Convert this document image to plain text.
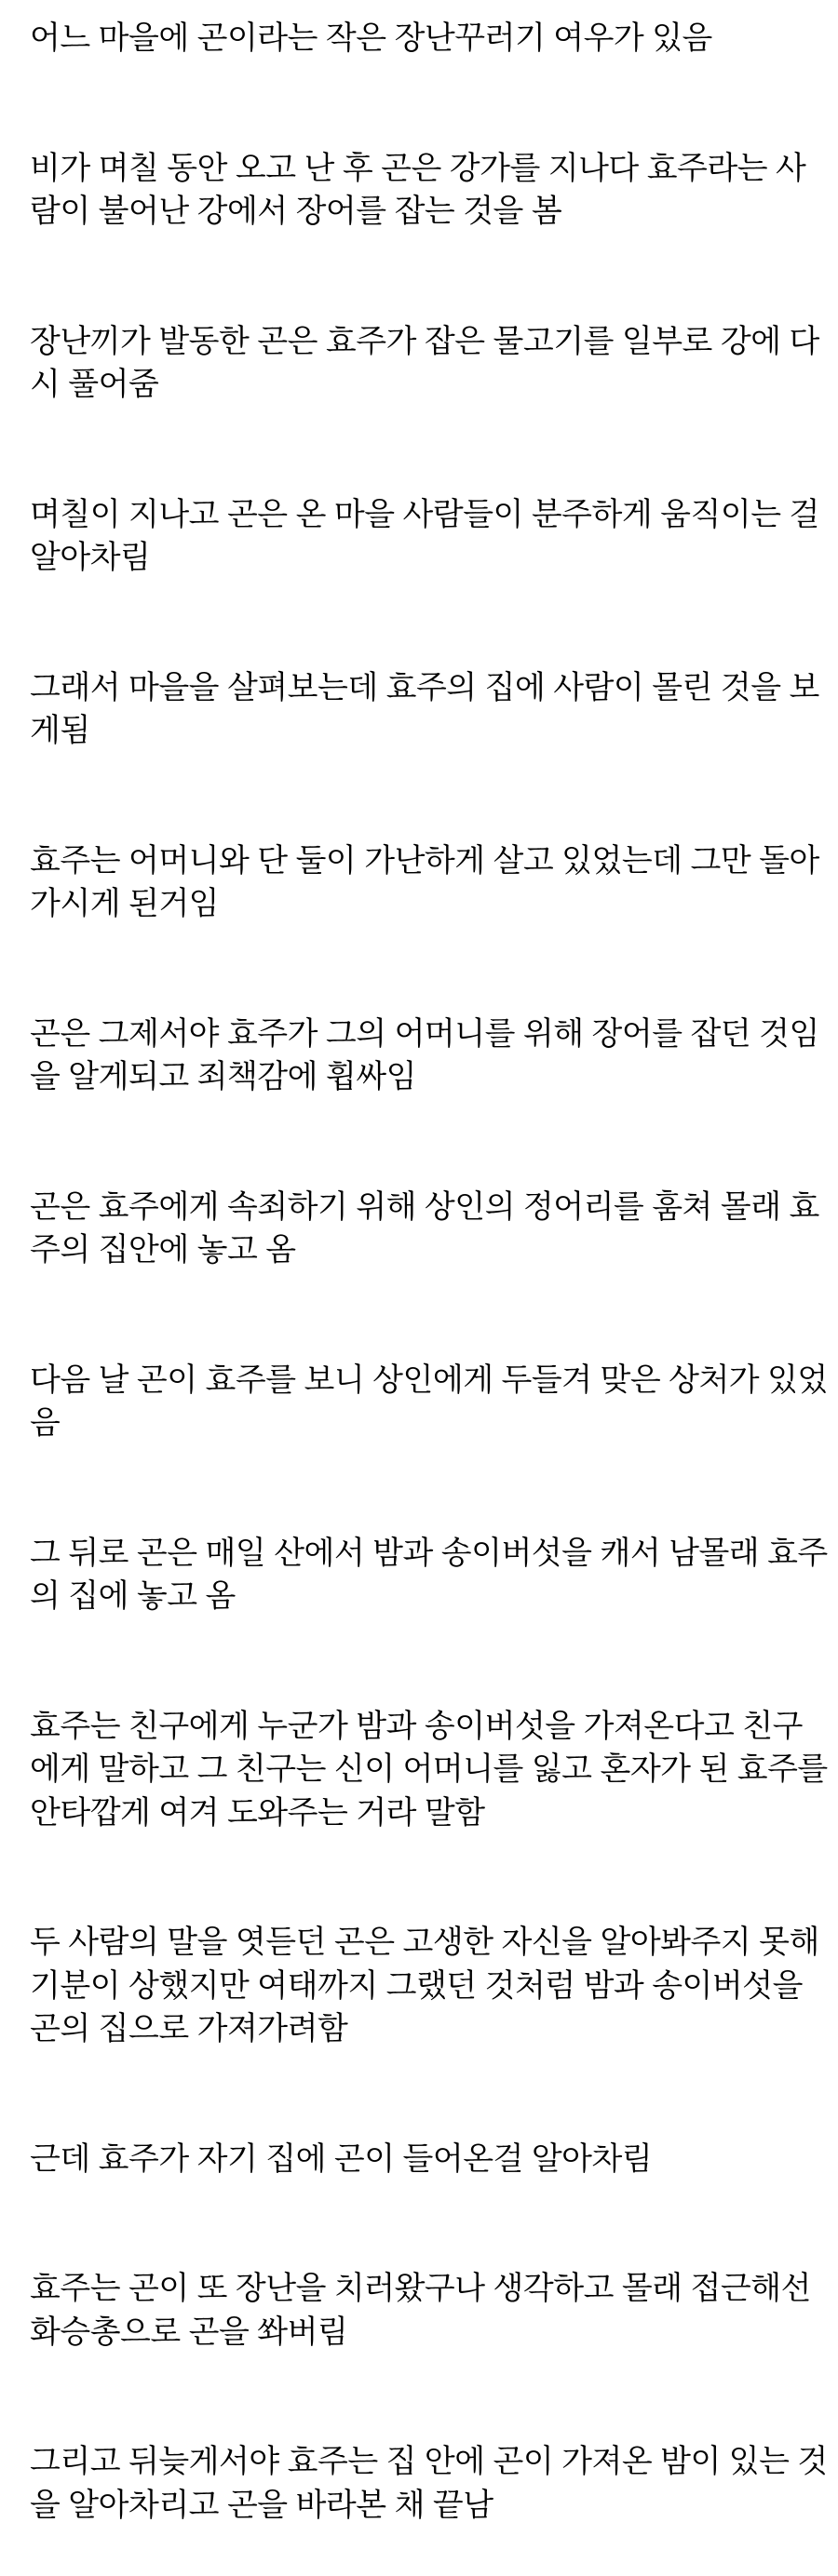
어느 마을에 곤이라는 작은 장난꾸러기 여우가 있음

비가 며칠 동안 오고 난 후 곤은 강가를 지나다 효주라는 사
람이 불어난 강에서 장어를 잡는 것을 봄

장난끼가 발동한 곤은 효주가 잡은 물고기를 일부로 강에 다
시 풀어줌

며칠이 지나고 곤은 온 마을 사람들이 분주하게 움직이는 걸
알아차림

그래서 마을을 살펴보는데 효주의 집에 사람이 몰린 것을 보
게됨

효주는 어머니와 단 둘이 가난하게 살고 있었는데 그만 돌아
가시게 된거임

곤은 그제서야 효주가 그의 어머니를 위해 장어를 잡던 것임
을 알게되고 죄책감에 휩싸임

곤은 효주에게 속죄하기 위해 상인의 정어리를 훔쳐 몰래 효
주의 집안에 놓고 옴

다음 날 곤이 효주를 보니 상인에게 두들겨 맞은 상처가 있었
음

그 뒤로 곤은 매일 산에서 밤과 송이버섯을 캐서 남몰래 효주
의 집에 놓고 옴

효주는 친구에게 누군가 밤과 송이버섯을 가져온다고 친구
에게 말하고 그 친구는 신이 어머니를 잃고 혼자가 된 효주를
안타깝게 여겨 도와주는 거라 말함

두 사람의 말을 엿듣던 곤은 고생한 자신을 알아봐주지 못해
기분이 상했지만 여태까지 그랬던 것처럼 밤과 송이버섯을
곤의 집으로 가져가려함

근데 효주가 자기 집에 곤이 들어온걸 알아차림

효주는 곤이 또 장난을 치러왔구나 생각하고 몰래 접근해선
화승총으로 곤을 쏴버림

그리고 뒤늦게서야 효주는 집 안에 곤이 가져온 밤이 있는 것
을 알아차리고 곤을 바라본 채 끝남
